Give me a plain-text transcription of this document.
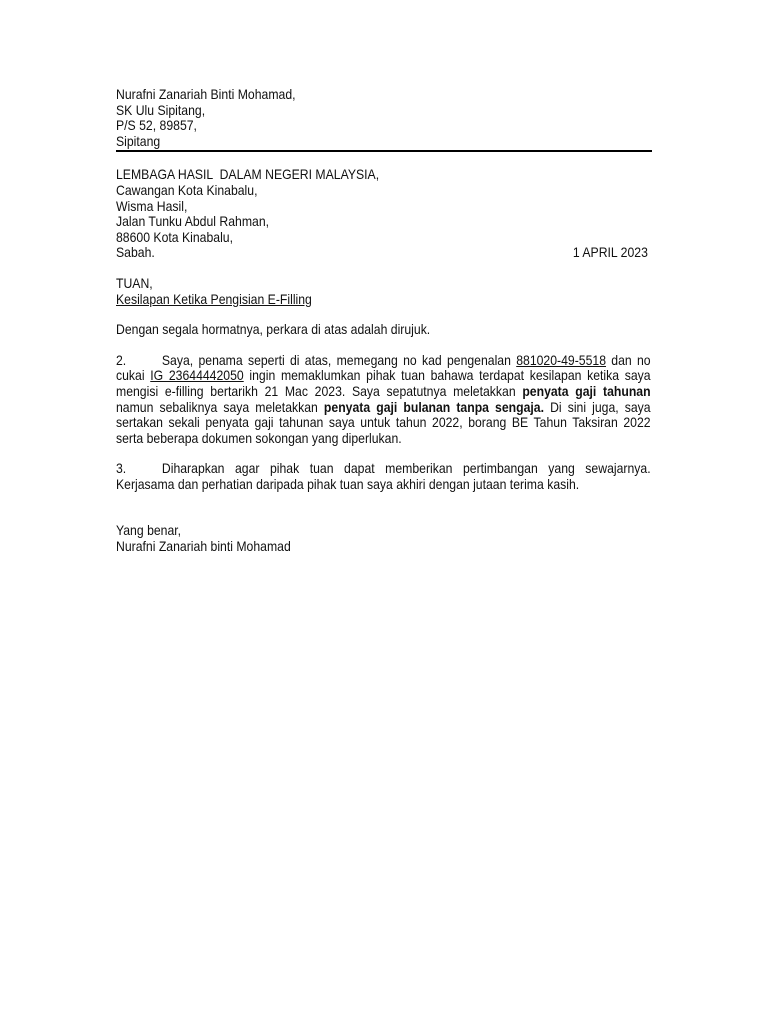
Nurafni Zanariah Binti Mohamad,
SK Ulu Sipitang,
P/S 52, 89857,
Sipitang
LEMBAGA HASIL  DALAM NEGERI MALAYSIA,
Cawangan Kota Kinabalu,
Wisma Hasil,
Jalan Tunku Abdul Rahman,
88600 Kota Kinabalu,
Sabah.	1 APRIL 2023
TUAN,
Kesilapan Ketika Pengisian E-Filling
Dengan segala hormatnya, perkara di atas adalah dirujuk.
2.	Saya, penama seperti di atas, memegang no kad pengenalan 881020-49-5518 dan no cukai IG 23644442050 ingin memaklumkan pihak tuan bahawa terdapat kesilapan ketika saya mengisi e-filling bertarikh 21 Mac 2023. Saya sepatutnya meletakkan penyata gaji tahunan namun sebaliknya saya meletakkan penyata gaji bulanan tanpa sengaja. Di sini juga, saya sertakan sekali penyata gaji tahunan saya untuk tahun 2022, borang BE Tahun Taksiran 2022 serta beberapa dokumen sokongan yang diperlukan.
3.	Diharapkan agar pihak tuan dapat memberikan pertimbangan yang sewajarnya. Kerjasama dan perhatian daripada pihak tuan saya akhiri dengan jutaan terima kasih.
Yang benar,
Nurafni Zanariah binti Mohamad
